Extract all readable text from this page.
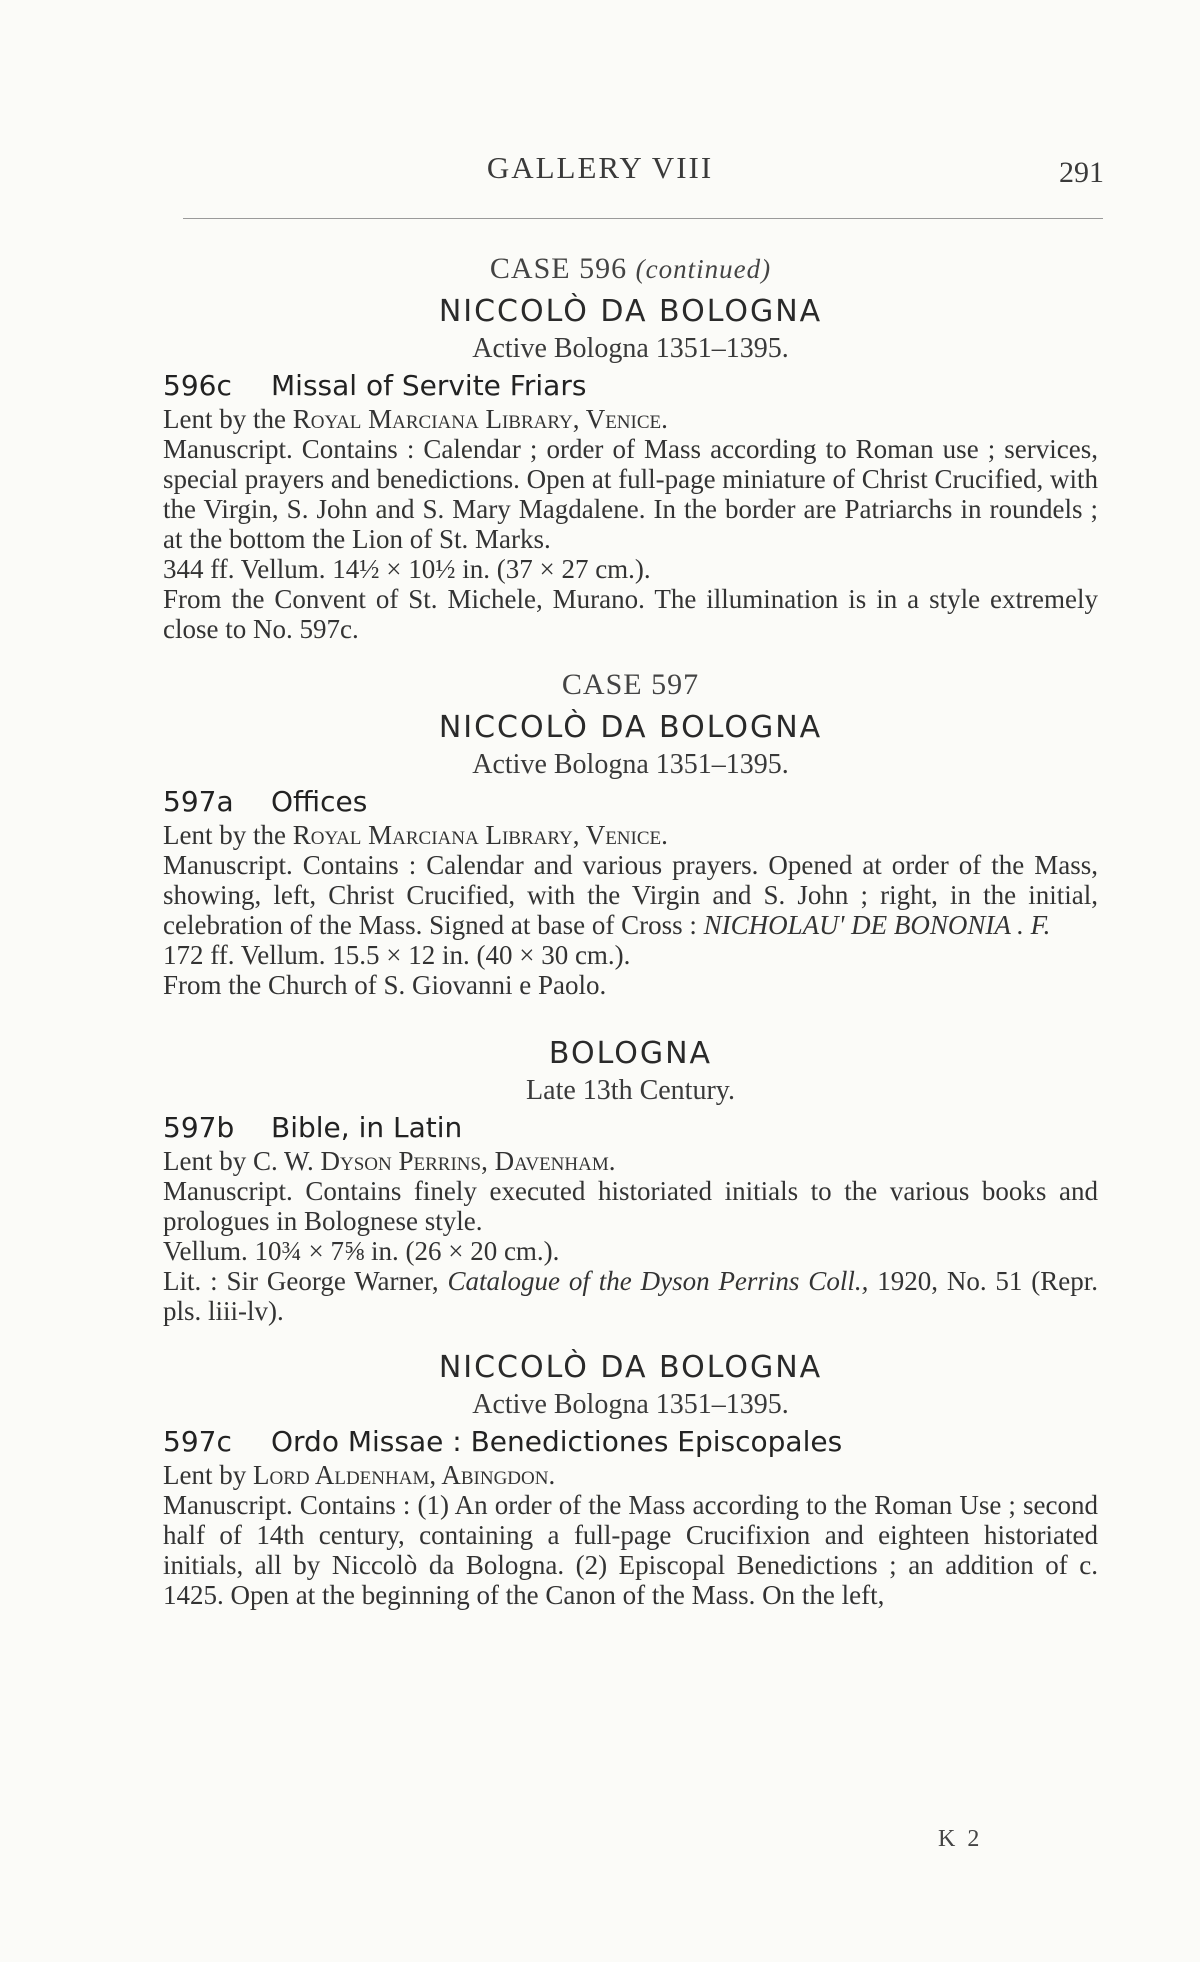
GALLERY VIII	291
CASE 596 (continued)

NICCOLÒ DA BOLOGNA

Active Bologna 1351–1395.

596c Missal of Servite Friars

Lent by the Royal Marciana Library, Venice.

Manuscript. Contains : Calendar ; order of Mass according to Roman use ; services, special prayers and benedictions. Open at full-page miniature of Christ Crucified, with the Virgin, S. John and S. Mary Magdalene. In the border are Patriarchs in roundels ; at the bottom the Lion of St. Marks.

344 ff. Vellum. 14½ × 10½ in. (37 × 27 cm.).

From the Convent of St. Michele, Murano. The illumination is in a style extremely close to No. 597c.

CASE 597

NICCOLÒ DA BOLOGNA

Active Bologna 1351–1395.

597a Offices

Lent by the Royal Marciana Library, Venice.

Manuscript. Contains : Calendar and various prayers. Opened at order of the Mass, showing, left, Christ Crucified, with the Virgin and S. John ; right, in the initial, celebration of the Mass. Signed at base of Cross : NICHOLAU' DE BONONIA . F.

172 ff. Vellum. 15.5 × 12 in. (40 × 30 cm.).

From the Church of S. Giovanni e Paolo.

BOLOGNA

Late 13th Century.

597b Bible, in Latin

Lent by C. W. Dyson Perrins, Davenham.

Manuscript. Contains finely executed historiated initials to the various books and prologues in Bolognese style.

Vellum. 10¾ × 7⅝ in. (26 × 20 cm.).

Lit. : Sir George Warner, Catalogue of the Dyson Perrins Coll., 1920, No. 51 (Repr. pls. liii-lv).

NICCOLÒ DA BOLOGNA

Active Bologna 1351–1395.

597c Ordo Missae : Benedictiones Episcopales

Lent by Lord Aldenham, Abingdon.

Manuscript. Contains : (1) An order of the Mass according to the Roman Use ; second half of 14th century, containing a full-page Crucifixion and eighteen historiated initials, all by Niccolò da Bologna. (2) Episcopal Benedictions ; an addition of c. 1425. Open at the beginning of the Canon of the Mass. On the left,

K 2
